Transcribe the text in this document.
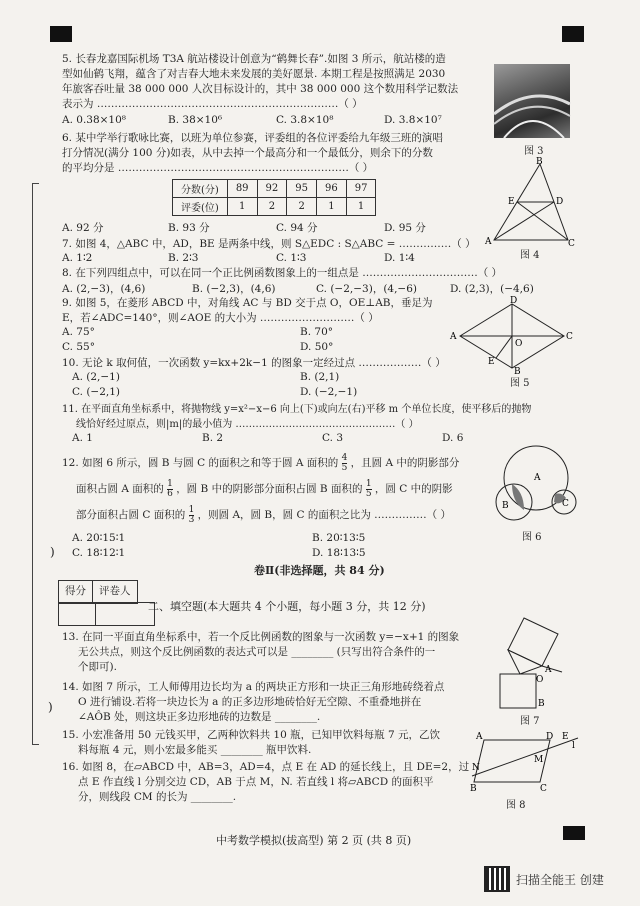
)
)
5. 长春龙嘉国际机场 T3A 航站楼设计创意为“鹤舞长春”.如图 3 所示，航站楼的造
型如仙鹤飞翔，蕴含了对吉春大地未来发展的美好愿景. 本期工程是按照满足 2030
年旅客吞吐量 38 000 000 人次目标设计的，其中 38 000 000 这个数用科学记数法
表示为 ……………………………………………………………（ ）
A. 0.38×10⁸	B. 38×10⁶	C. 3.8×10⁸	D. 3.8×10⁷
图 3
6. 某中学举行歌咏比赛，以班为单位参赛，评委组的各位评委给九年级三班的演唱
打分情况(满分 100 分)如表，从中去掉一个最高分和一个最低分，则余下的分数
的平均分是 …………………………………………………………（ ）
分数(分)	89	92	95	96	97
评委(位)	1	2	2	1	1
A. 92 分	B. 93 分	C. 94 分	D. 95 分
A
B
C
D
E
图 4
7. 如图 4，△ABC 中，AD，BE 是两条中线，则 S△EDC : S△ABC = ……………（ ）
A. 1∶2	B. 2∶3	C. 1∶3	D. 1∶4
8. 在下列四组点中，可以在同一个正比例函数图象上的一组点是 ……………………………（ ）
A. (2,−3)，(4,6)	B. (−2,3)，(4,6)	C. (−2,−3)，(4,−6)	D. (2,3)，(−4,6)
9. 如图 5，在菱形 ABCD 中，对角线 AC 与 BD 交于点 O，OE⊥AB，垂足为
E，若∠ADC=140°，则∠AOE 的大小为 ………………………（ ）
A. 75°	B. 70°
C. 55°	D. 50°
A
D
C
B
O
E
图 5
10. 无论 k 取何值，一次函数 y=kx+2k−1 的图象一定经过点 ………………（ ）
A. (2,−1)	B. (2,1)
C. (−2,1)	D. (−2,−1)
11. 在平面直角坐标系中，将抛物线 y=x²−x−6 向上(下)或向左(右)平移 m 个单位长度，使平移后的抛物
线恰好经过原点，则|m|的最小值为 …………………………………………（ ）
A. 1	B. 2	C. 3	D. 6
12. 如图 6 所示，圆 B 与圆 C 的面积之和等于圆 A 面积的 $\frac{4}{5}$ ，且圆 A 中的阴影部分
面积占圆 A 面积的 $\frac{1}{6}$ ，圆 B 中的阴影部分面积占圆 B 面积的 $\frac{1}{5}$ ，圆 C 中的阴影
部分面积占圆 C 面积的 $\frac{1}{3}$ ，则圆 A，圆 B，圆 C 的面积之比为 ……………（ ）
A. 20∶15∶1	B. 20∶13∶5
C. 18∶12∶1	D. 18∶13∶5
A
B	C
图 6
卷Ⅱ(非选择题，共 84 分)
得分	评卷人
二、填空题(本大题共 4 个小题，每小题 3 分，共 12 分)
13. 在同一平面直角坐标系中，若一个反比例函数的图象与一次函数 y=−x+1 的图象
无公共点，则这个反比例函数的表达式可以是 ________ (只写出符合条件的一
个即可).
14. 如图 7 所示，工人师傅用边长均为 a 的两块正方形和一块正三角形地砖绕着点
O 进行铺设.若将一块边长为 a 的正多边形地砖恰好无空隙、不重叠地拼在
∠AÔB 处，则这块正多边形地砖的边数是 ________.
A
O
B
图 7
15. 小宏准备用 50 元钱买甲，乙两种饮料共 10 瓶，已知甲饮料每瓶 7 元，乙饮
料每瓶 4 元，则小宏最多能买 ________ 瓶甲饮料.
16. 如图 8，在▱ABCD 中，AB=3，AD=4，点 E 在 AD 的延长线上，且 DE=2，过
点 E 作直线 l 分别交边 CD，AB 于点 M，N. 若直线 l 将▱ABCD 的面积平
分，则线段 CM 的长为 ________.
A	D E
l
M
N
B	C
图 8
中考数学模拟(拔高型) 第 2 页 (共 8 页)
扫描全能王 创建
